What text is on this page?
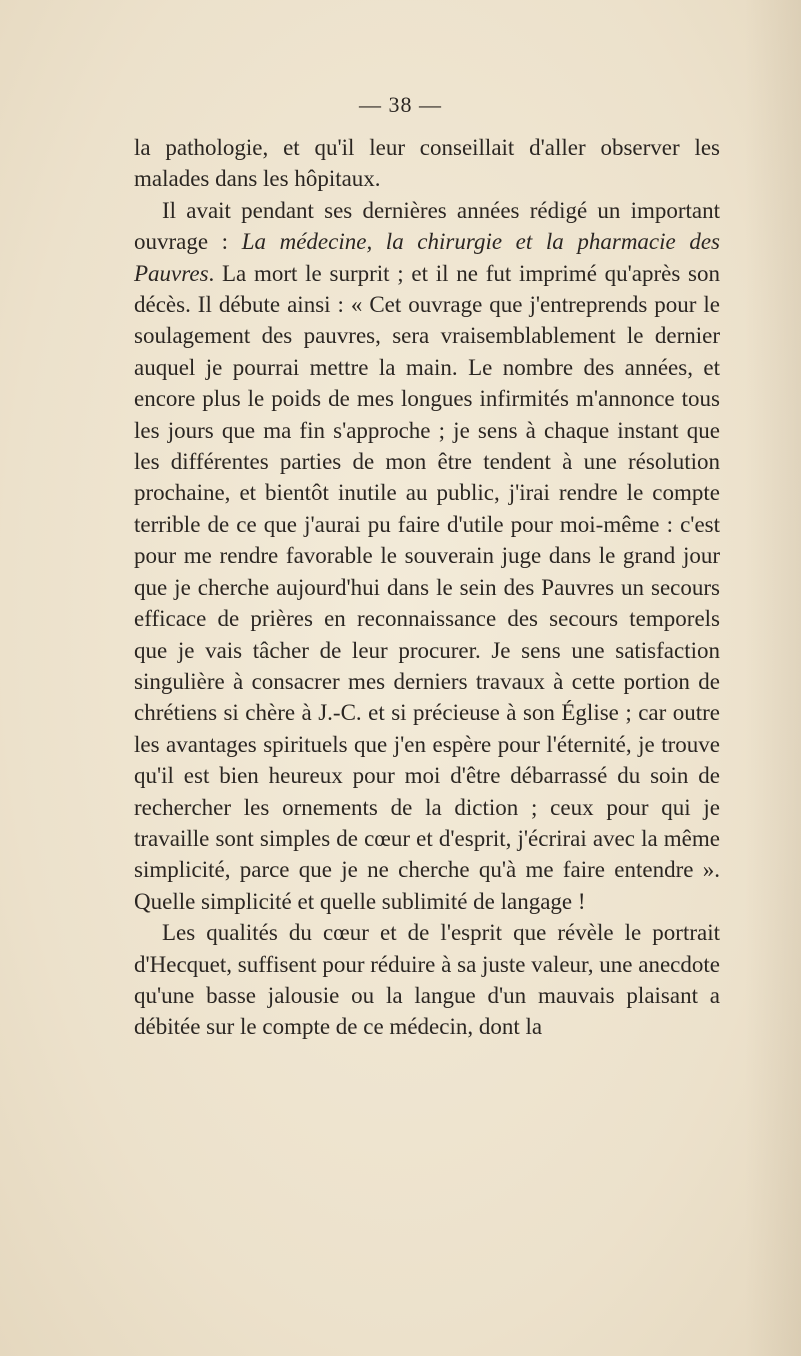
— 38 —

la pathologie, et qu'il leur conseillait d'aller observer les malades dans les hôpitaux.

Il avait pendant ses dernières années rédigé un important ouvrage : La médecine, la chirurgie et la pharmacie des Pauvres. La mort le surprit ; et il ne fut imprimé qu'après son décès. Il débute ainsi : « Cet ouvrage que j'entreprends pour le soulagement des pauvres, sera vraisemblablement le dernier auquel je pourrai mettre la main. Le nombre des années, et encore plus le poids de mes longues infirmités m'annonce tous les jours que ma fin s'approche ; je sens à chaque instant que les différentes parties de mon être tendent à une résolution prochaine, et bientôt inutile au public, j'irai rendre le compte terrible de ce que j'aurai pu faire d'utile pour moi-même : c'est pour me rendre favorable le souverain juge dans le grand jour que je cherche aujourd'hui dans le sein des Pauvres un secours efficace de prières en reconnaissance des secours temporels que je vais tâcher de leur procurer. Je sens une satisfaction singulière à consacrer mes derniers travaux à cette portion de chrétiens si chère à J.-C. et si précieuse à son Église ; car outre les avantages spirituels que j'en espère pour l'éternité, je trouve qu'il est bien heureux pour moi d'être débarrassé du soin de rechercher les ornements de la diction ; ceux pour qui je travaille sont simples de cœur et d'esprit, j'écrirai avec la même simplicité, parce que je ne cherche qu'à me faire entendre ». Quelle simplicité et quelle sublimité de langage !

Les qualités du cœur et de l'esprit que révèle le portrait d'Hecquet, suffisent pour réduire à sa juste valeur, une anecdote qu'une basse jalousie ou la langue d'un mauvais plaisant a débitée sur le compte de ce médecin, dont la
